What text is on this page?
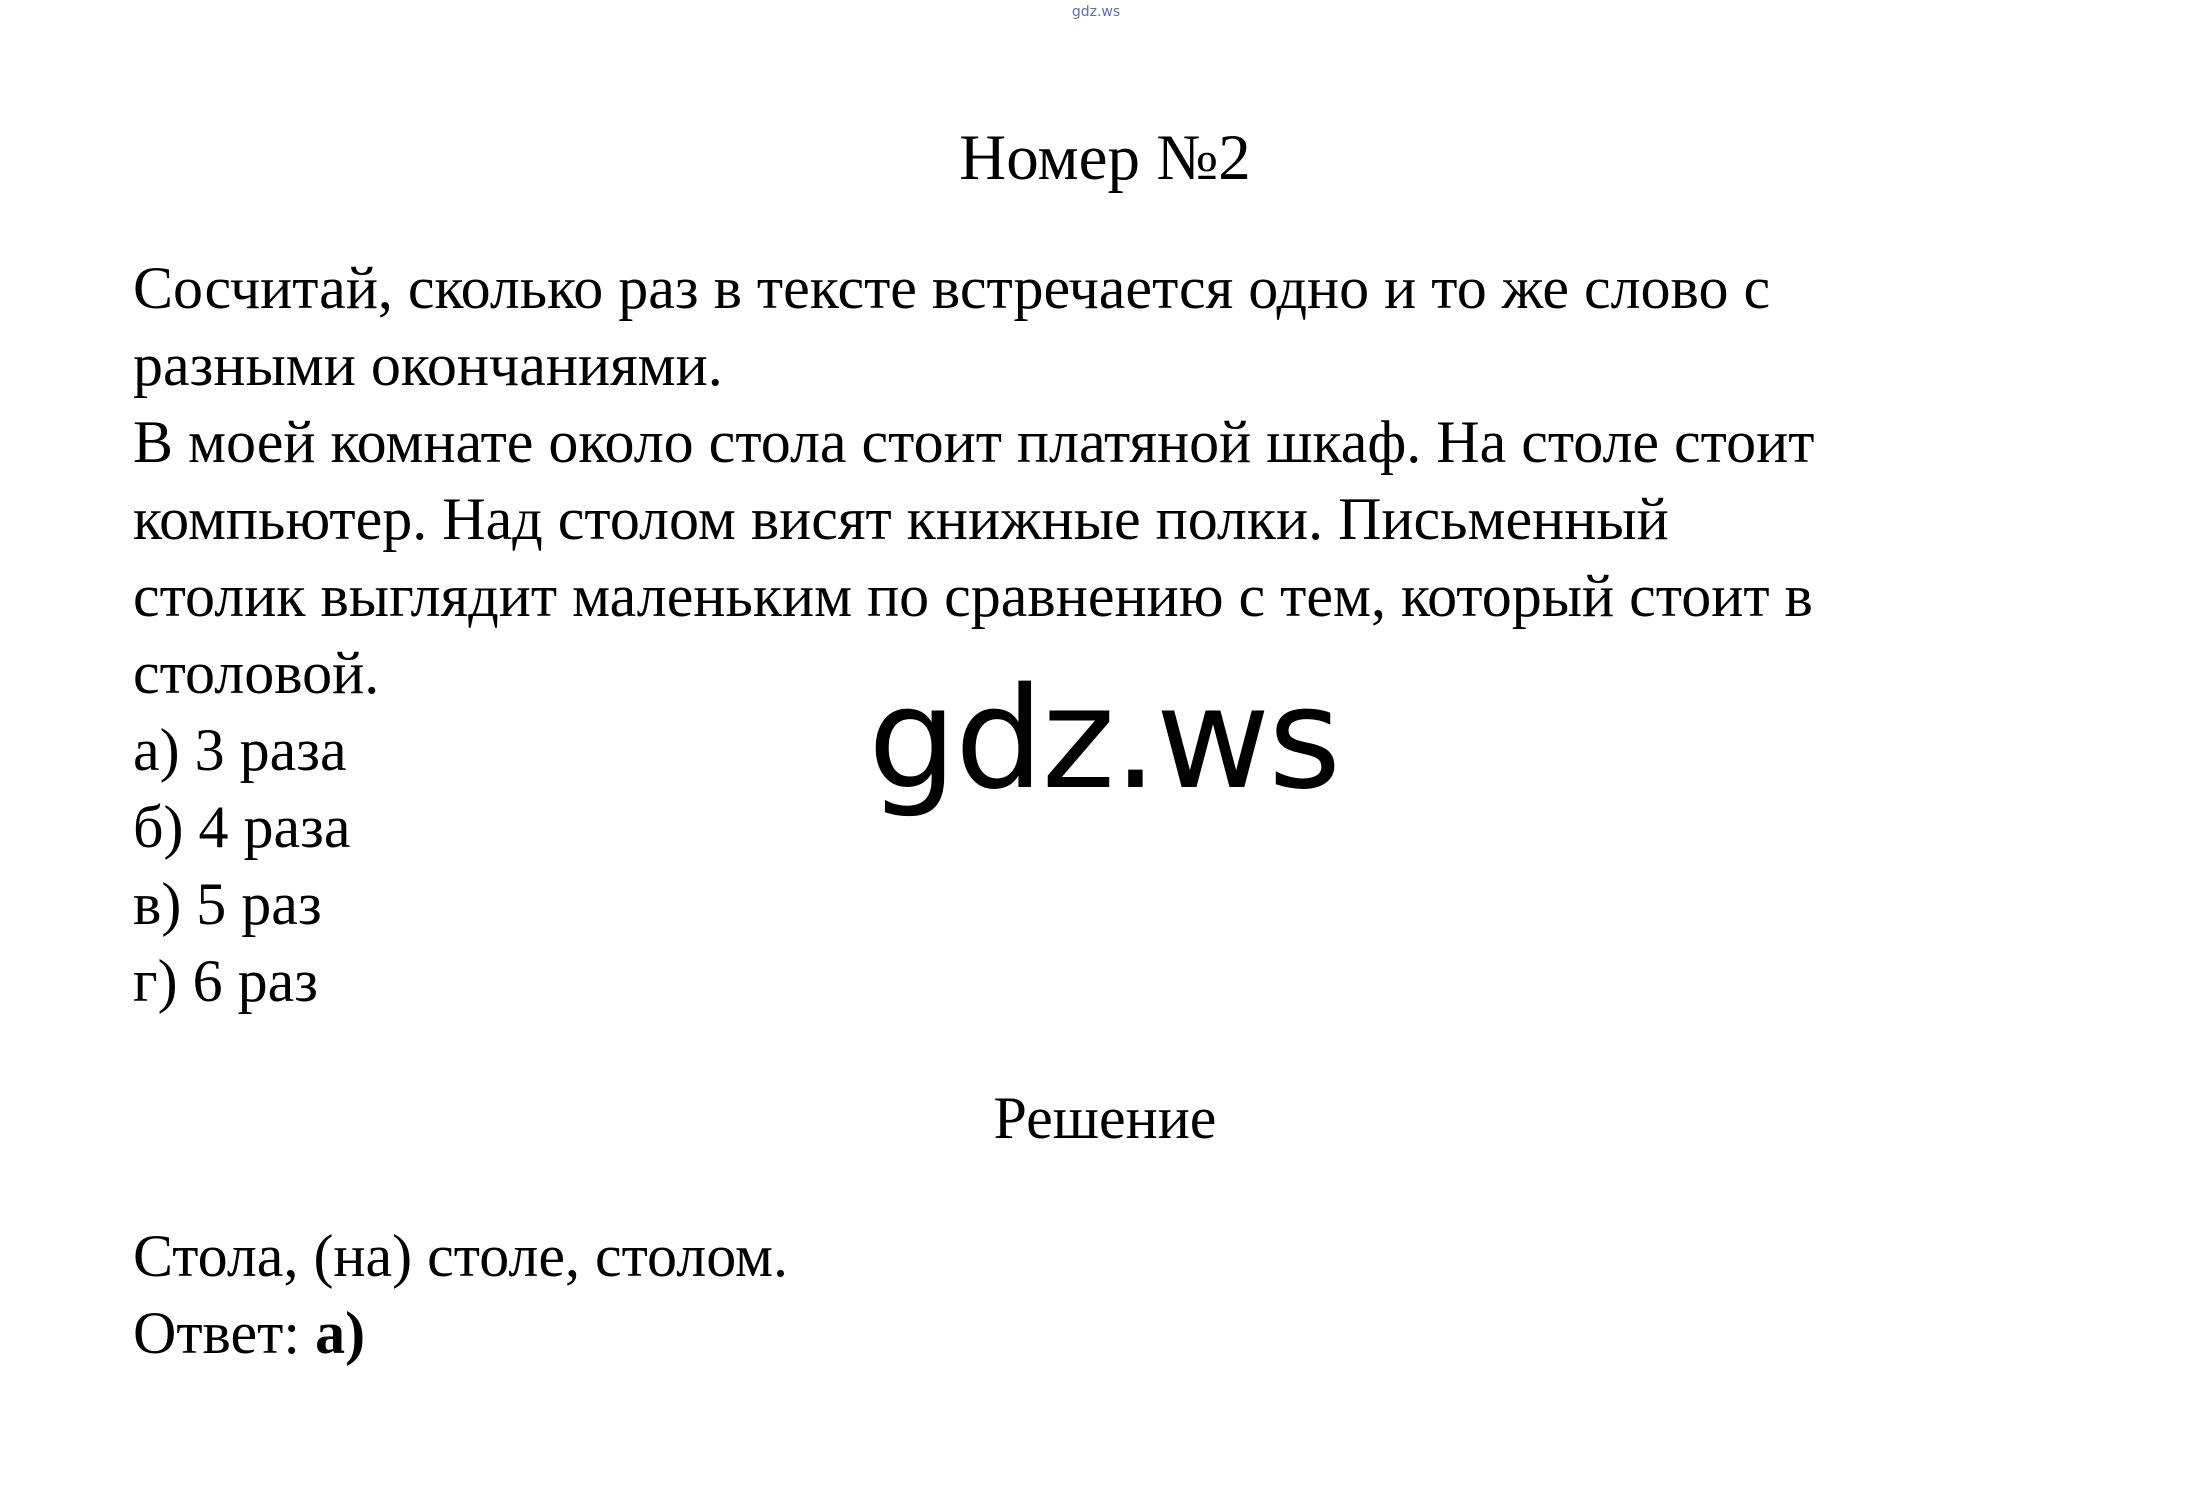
gdz.ws
Номер №2
Сосчитай, сколько раз в тексте встречается одно и то же слово с
разными окончаниями.
В моей комнате около стола стоит платяной шкаф. На столе стоит
компьютер. Над столом висят книжные полки. Письменный
столик выглядит маленьким по сравнению с тем, который стоит в
столовой.
а) 3 раза
б) 4 раза
в) 5 раз
г) 6 раз
gdz.ws
Решение
Стола, (на) столе, столом.
Ответ: а)
